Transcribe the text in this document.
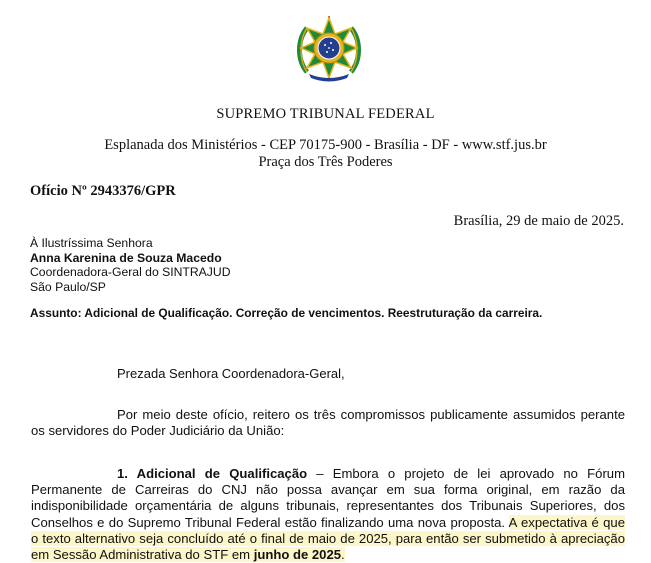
SUPREMO TRIBUNAL FEDERAL
Esplanada dos Ministérios - CEP 70175-900 - Brasília - DF - www.stf.jus.br
Praça dos Três Poderes
Ofício Nº 2943376/GPR
Brasília, 29 de maio de 2025.
À Ilustríssima Senhora
Anna Karenina de Souza Macedo
Coordenadora-Geral do SINTRAJUD
São Paulo/SP
Assunto: Adicional de Qualificação. Correção de vencimentos. Reestruturação da carreira.
Prezada Senhora Coordenadora-Geral,
Por meio deste ofício, reitero os três compromissos publicamente assumidos perante os servidores do Poder Judiciário da União:
1. Adicional de Qualificação – Embora o projeto de lei aprovado no Fórum Permanente de Carreiras do CNJ não possa avançar em sua forma original, em razão da indisponibilidade orçamentária de alguns tribunais, representantes dos Tribunais Superiores, dos Conselhos e do Supremo Tribunal Federal estão finalizando uma nova proposta. A expectativa é que o texto alternativo seja concluído até o final de maio de 2025, para então ser submetido à apreciação em Sessão Administrativa do STF em junho de 2025.
